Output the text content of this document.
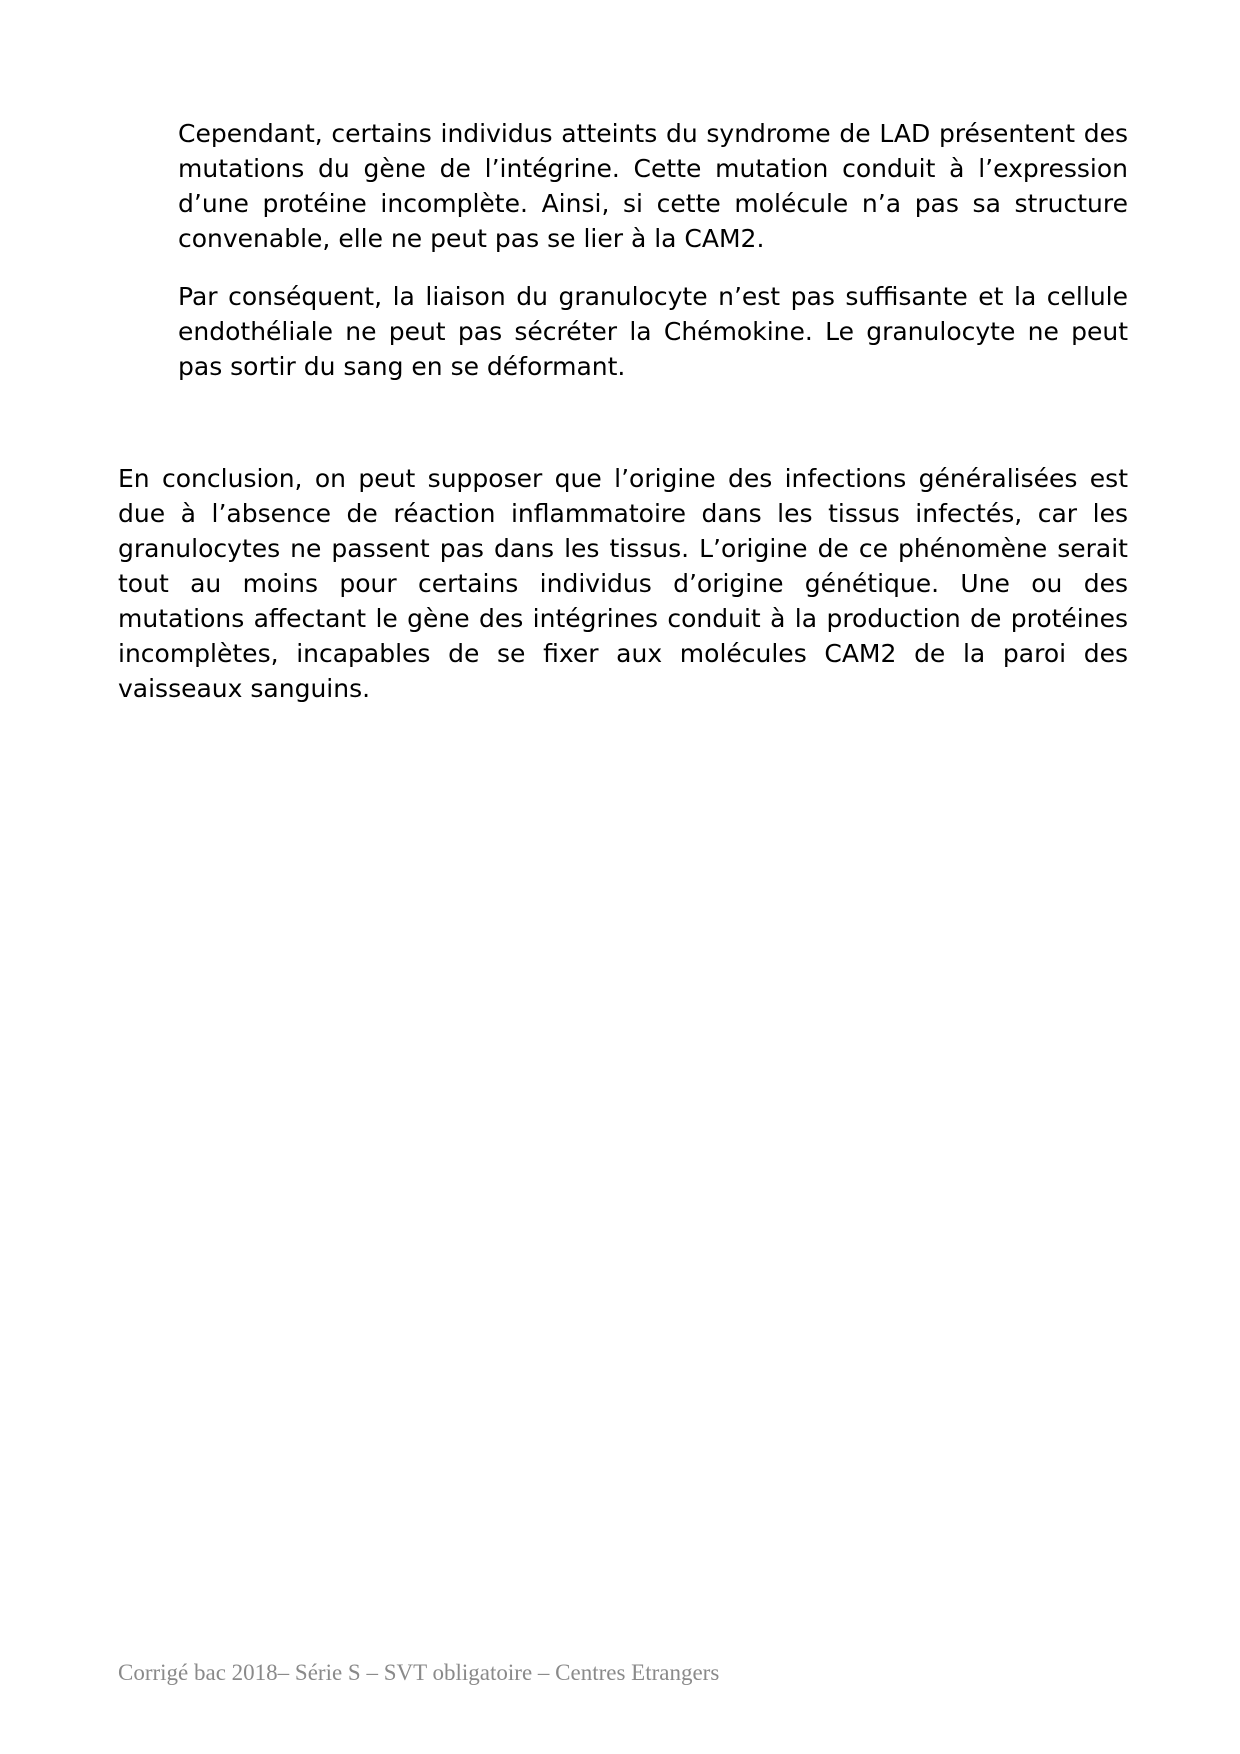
Cependant, certains individus atteints du syndrome de LAD présentent des mutations du gène de l’intégrine. Cette mutation conduit à l’expression d’une protéine incomplète. Ainsi, si cette molécule n’a pas sa structure convenable, elle ne peut pas se lier à la CAM2.

Par conséquent, la liaison du granulocyte n’est pas suffisante et la cellule endothéliale ne peut pas sécréter la Chémokine. Le granulocyte ne peut pas sortir du sang en se déformant.

En conclusion, on peut supposer que l’origine des infections généralisées est due à l’absence de réaction inflammatoire dans les tissus infectés, car les granulocytes ne passent pas dans les tissus. L’origine de ce phénomène serait tout au moins pour certains individus d’origine génétique. Une ou des mutations affectant le gène des intégrines conduit à la production de protéines incomplètes, incapables de se fixer aux molécules CAM2 de la paroi des vaisseaux sanguins.

Corrigé bac 2018– Série S – SVT obligatoire – Centres Etrangers
